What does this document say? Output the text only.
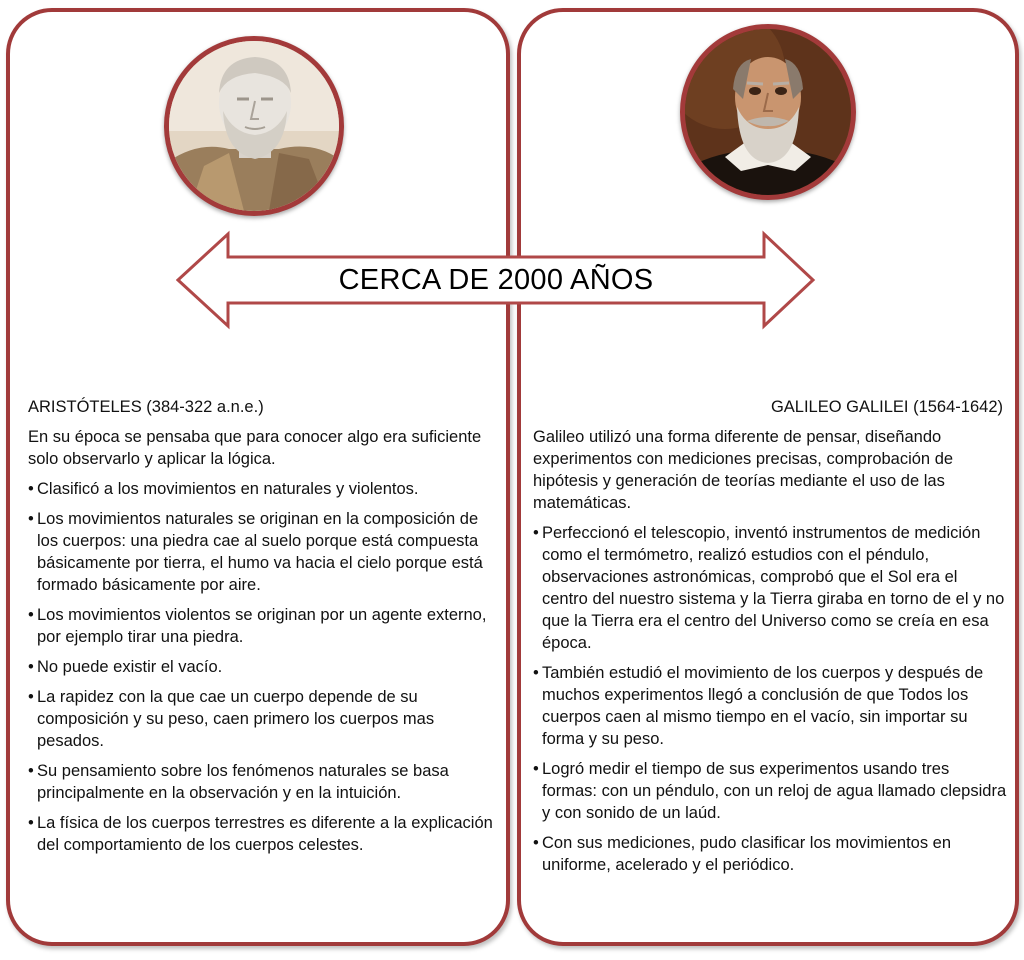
CERCA DE 2000 AÑOS
ARISTÓTELES (384-322 a.n.e.)
En su época se pensaba que para conocer algo era suficiente solo observarlo y aplicar la lógica.
• Clasificó a los movimientos en naturales y violentos.
• Los movimientos naturales se originan en la composición de los cuerpos: una piedra cae al suelo porque está compuesta básicamente por tierra, el humo va hacia el cielo porque está formado básicamente por aire.
• Los movimientos violentos se originan por un agente externo, por ejemplo tirar una piedra.
• No puede existir el vacío.
• La rapidez con la que cae un cuerpo depende de su composición y su peso, caen primero los cuerpos mas pesados.
• Su pensamiento sobre los fenómenos naturales se basa principalmente en la observación y en la intuición.
• La física de los cuerpos terrestres es diferente a la explicación del comportamiento de los cuerpos celestes.
GALILEO GALILEI (1564-1642)
Galileo utilizó una forma diferente de pensar, diseñando experimentos con mediciones precisas, comprobación de hipótesis y generación de teorías mediante el uso de las matemáticas.
• Perfeccionó el telescopio, inventó instrumentos de medición como el termómetro, realizó estudios con el péndulo, observaciones astronómicas, comprobó que el Sol era el centro del nuestro sistema y la Tierra giraba en torno de el y no que la Tierra era el centro del Universo como se creía en esa época.
• También estudió el movimiento de los cuerpos y después de muchos experimentos llegó a conclusión de que Todos los cuerpos caen al mismo tiempo en el vacío, sin importar su forma y su peso.
• Logró medir el tiempo de sus experimentos usando tres formas: con un péndulo, con un reloj de agua llamado clepsidra y con sonido de un laúd.
• Con sus mediciones, pudo clasificar los movimientos en uniforme, acelerado y el periódico.
